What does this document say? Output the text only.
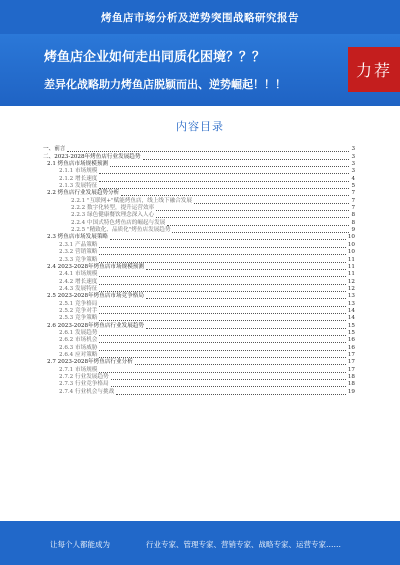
烤鱼店市场分析及逆势突围战略研究报告
烤鱼店企业如何走出同质化困境？？？
差异化战略助力烤鱼店脱颖而出、逆势崛起！！！
力荐
内容目录
一、前言	3
二、2023-2028年烤鱼店行业发展趋势	3
2.1 烤鱼店市场规模预测	3
2.1.1 市场规模	3
2.1.2 增长速度	4
2.1.3 发展特征	5
2.2 烤鱼店行业发展趋势分析	7
2.2.1 "互联网+"赋能烤鱼店，线上线下融合发展	7
2.2.2 数字化转型，提升运营效率	7
2.2.3 绿色健康餐饮理念深入人心	8
2.2.4 中国式特色烤鱼店的崛起与发展	8
2.2.5 "精致化、品质化"烤鱼店发展趋势	9
2.3 烤鱼店市场发展策略	10
2.3.1 产品策略	10
2.3.2 营销策略	10
2.3.3 竞争策略	11
2.4 2023-2028年烤鱼店市场规模预测	11
2.4.1 市场规模	11
2.4.2 增长速度	12
2.4.3 发展特征	12
2.5 2023-2028年烤鱼店市场竞争格局	13
2.5.1 竞争格局	13
2.5.2 竞争对手	14
2.5.3 竞争策略	14
2.6 2023-2028年烤鱼店行业发展趋势	15
2.6.1 发展趋势	15
2.6.2 市场机会	16
2.6.3 市场威胁	16
2.6.4 应对策略	17
2.7 2023-2028年烤鱼店行业分析	17
2.7.1 市场规模	17
2.7.2 行业发展趋势	18
2.7.3 行业竞争格局	18
2.7.4 行业机会与挑战	19
让每个人都能成为	行业专家、管理专家、营销专家、战略专家、运营专家……
